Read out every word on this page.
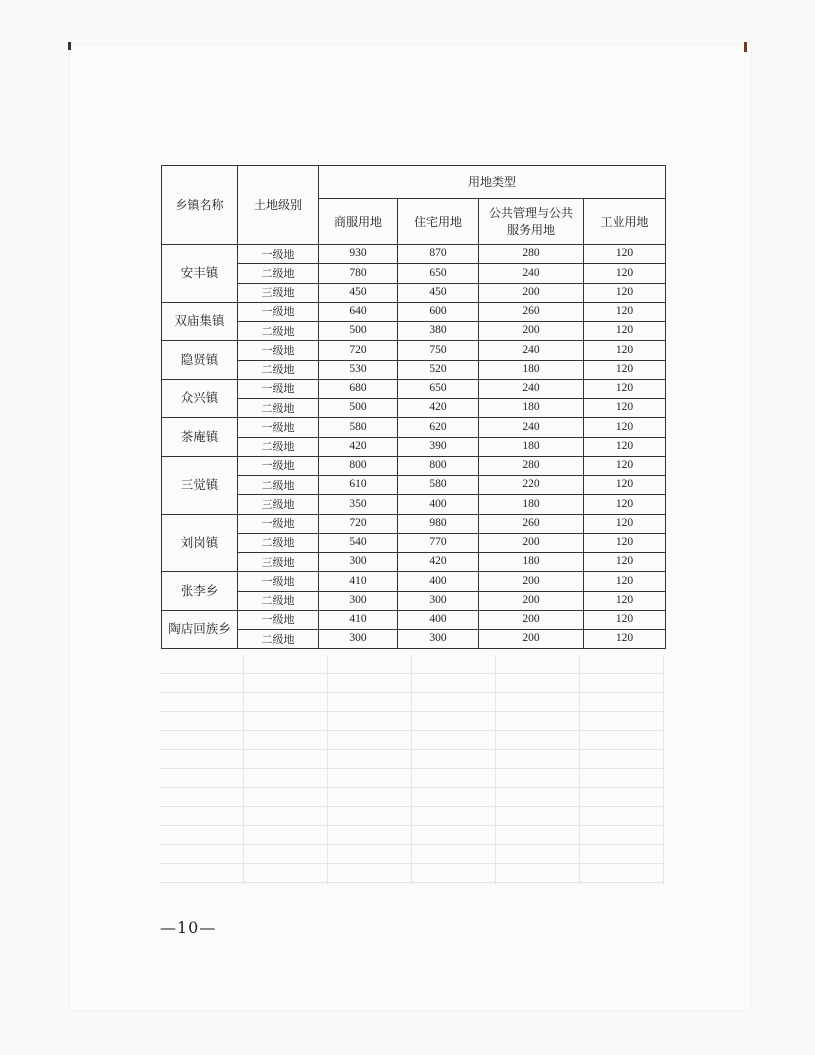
乡镇名称	土地级别	用地类型			
		商服用地	住宅用地	公共管理与公共服务用地	工业用地
安丰镇	一级地	930	870	280	120
	二级地	780	650	240	120
	三级地	450	450	200	120
双庙集镇	一级地	640	600	260	120
	二级地	500	380	200	120
隐贤镇	一级地	720	750	240	120
	二级地	530	520	180	120
众兴镇	一级地	680	650	240	120
	二级地	500	420	180	120
茶庵镇	一级地	580	620	240	120
	二级地	420	390	180	120
三觉镇	一级地	800	800	280	120
	二级地	610	580	220	120
	三级地	350	400	180	120
刘岗镇	一级地	720	980	260	120
	二级地	540	770	200	120
	三级地	300	420	180	120
张李乡	一级地	410	400	200	120
	二级地	300	300	200	120
陶店回族乡	一级地	410	400	200	120
	二级地	300	300	200	120
—10—
